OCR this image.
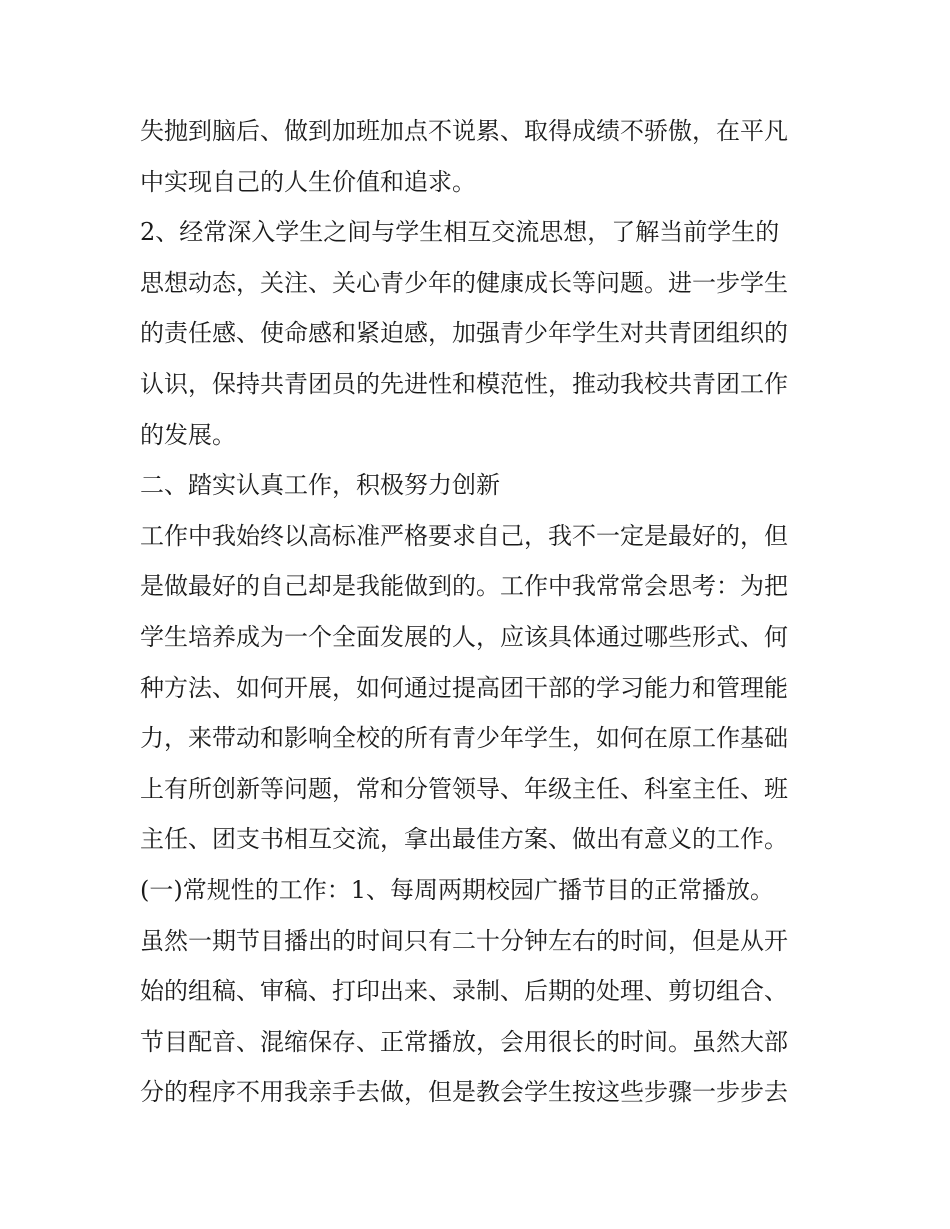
失抛到脑后、做到加班加点不说累、取得成绩不骄傲，在平凡
中实现自己的人生价值和追求。
2、经常深入学生之间与学生相互交流思想，了解当前学生的
思想动态，关注、关心青少年的健康成长等问题。进一步学生
的责任感、使命感和紧迫感，加强青少年学生对共青团组织的
认识，保持共青团员的先进性和模范性，推动我校共青团工作
的发展。
二、踏实认真工作，积极努力创新
工作中我始终以高标准严格要求自己，我不一定是最好的，但
是做最好的自己却是我能做到的。工作中我常常会思考：为把
学生培养成为一个全面发展的人，应该具体通过哪些形式、何
种方法、如何开展，如何通过提高团干部的学习能力和管理能
力，来带动和影响全校的所有青少年学生，如何在原工作基础
上有所创新等问题，常和分管领导、年级主任、科室主任、班
主任、团支书相互交流，拿出最佳方案、做出有意义的工作。
(一)常规性的工作：1、每周两期校园广播节目的正常播放。
虽然一期节目播出的时间只有二十分钟左右的时间，但是从开
始的组稿、审稿、打印出来、录制、后期的处理、剪切组合、
节目配音、混缩保存、正常播放，会用很长的时间。虽然大部
分的程序不用我亲手去做，但是教会学生按这些步骤一步步去
